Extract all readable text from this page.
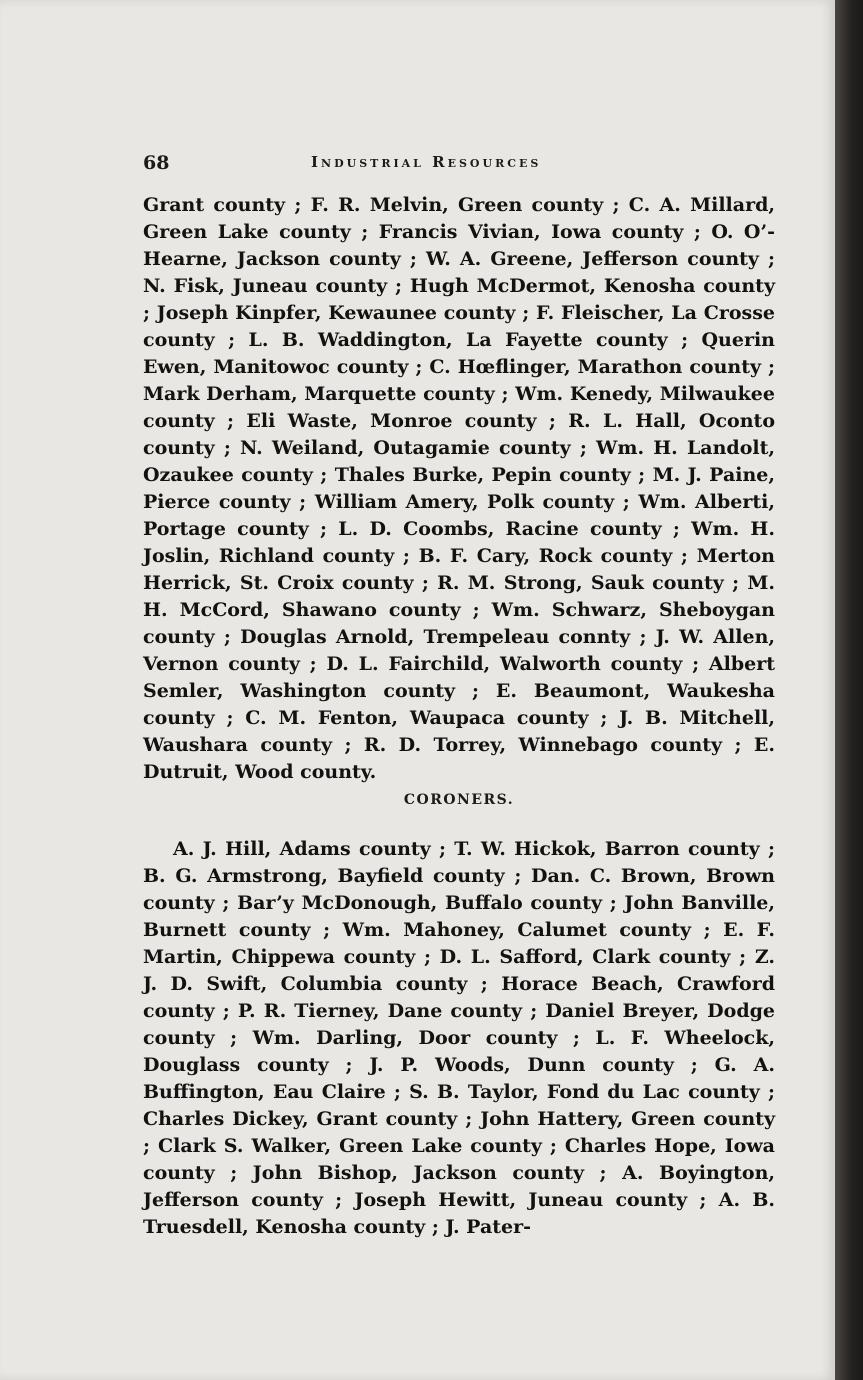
68	Industrial Resources

Grant county ; F. R. Melvin, Green county ; C. A. Millard, Green Lake county ; Francis Vivian, Iowa county ; O. O’-Hearne, Jackson county ; W. A. Greene, Jefferson county ; N. Fisk, Juneau county ; Hugh McDermot, Kenosha county ; Joseph Kinpfer, Kewaunee county ; F. Fleischer, La Crosse county ; L. B. Waddington, La Fayette county ; Querin Ewen, Manitowoc county ; C. Hœflinger, Marathon county ; Mark Derham, Marquette county ; Wm. Kenedy, Milwaukee county ; Eli Waste, Monroe county ; R. L. Hall, Oconto county ; N. Weiland, Outagamie county ; Wm. H. Landolt, Ozaukee county ; Thales Burke, Pepin county ; M. J. Paine, Pierce county ; William Amery, Polk county ; Wm. Alberti, Portage county ; L. D. Coombs, Racine county ; Wm. H. Joslin, Richland county ; B. F. Cary, Rock county ; Merton Herrick, St. Croix county ; R. M. Strong, Sauk county ; M. H. McCord, Shawano county ; Wm. Schwarz, Sheboygan county ; Douglas Arnold, Trempeleau connty ; J. W. Allen, Vernon county ; D. L. Fairchild, Walworth county ; Albert Semler, Washington county ; E. Beaumont, Waukesha county ; C. M. Fenton, Waupaca county ; J. B. Mitchell, Waushara county ; R. D. Torrey, Winnebago county ; E. Dutruit, Wood county.

CORONERS.

A. J. Hill, Adams county ; T. W. Hickok, Barron county ; B. G. Armstrong, Bayfield county ; Dan. C. Brown, Brown county ; Bar’y McDonough, Buffalo county ; John Banville, Burnett county ; Wm. Mahoney, Calumet county ; E. F. Martin, Chippewa county ; D. L. Safford, Clark county ; Z. J. D. Swift, Columbia county ; Horace Beach, Crawford county ; P. R. Tierney, Dane county ; Daniel Breyer, Dodge county ; Wm. Darling, Door county ; L. F. Wheelock, Douglass county ; J. P. Woods, Dunn county ; G. A. Buffington, Eau Claire ; S. B. Taylor, Fond du Lac county ; Charles Dickey, Grant county ; John Hattery, Green county ; Clark S. Walker, Green Lake county ; Charles Hope, Iowa county ; John Bishop, Jackson county ; A. Boyington, Jefferson county ; Joseph Hewitt, Juneau county ; A. B. Truesdell, Kenosha county ; J. Pater-
